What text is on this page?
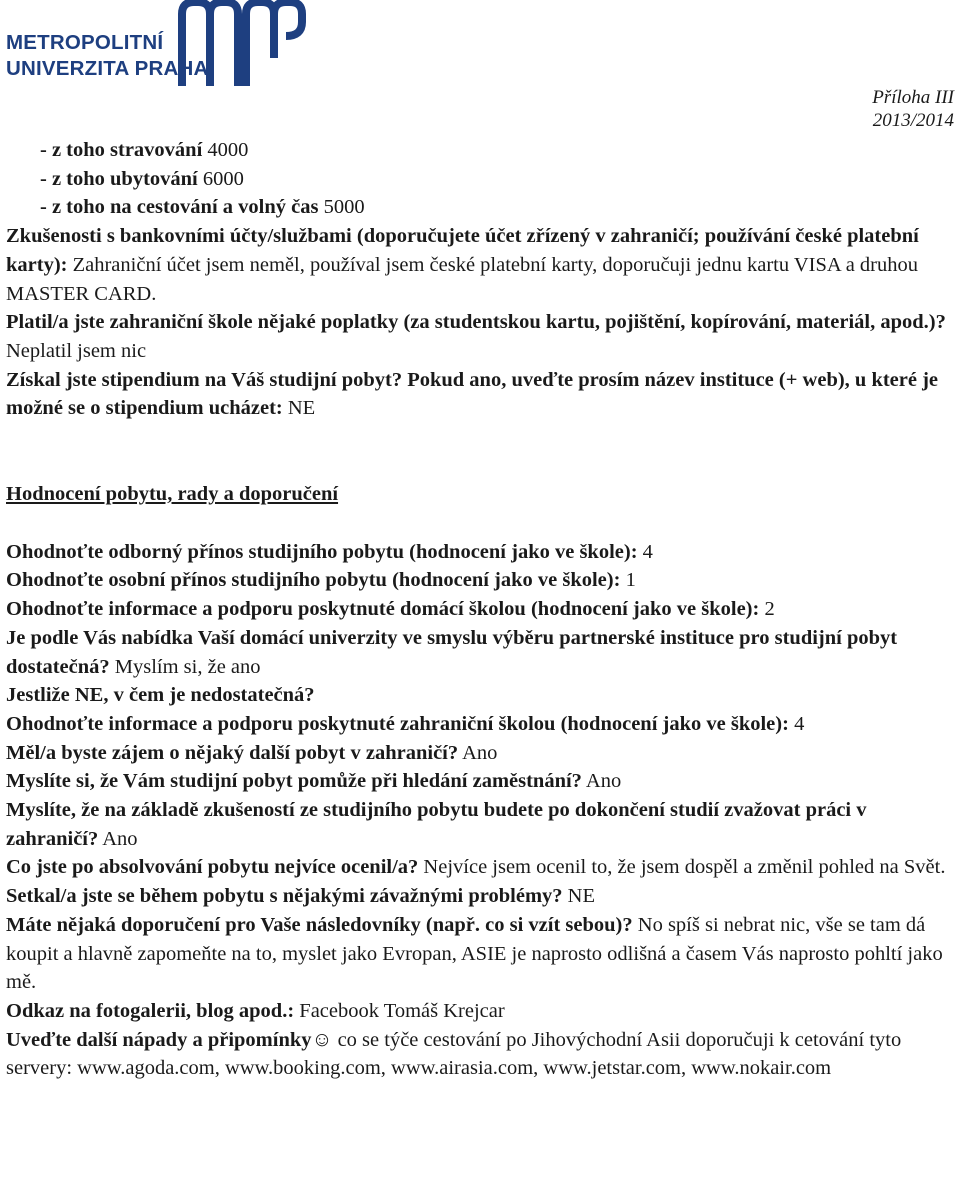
METROPOLITNÍ
UNIVERZITA PRAHA
Příloha III
2013/2014

- z toho stravování 4000

- z toho ubytování 6000

- z toho na cestování a volný čas 5000

Zkušenosti s bankovními účty/službami (doporučujete účet zřízený v zahraničí; používání české platební karty): Zahraniční účet jsem neměl, používal jsem české platební karty, doporučuji jednu kartu VISA a druhou MASTER CARD.

Platil/a jste zahraniční škole nějaké poplatky (za studentskou kartu, pojištění, kopírování, materiál, apod.)? Neplatil jsem nic

Získal jste stipendium na Váš studijní pobyt? Pokud ano, uveďte prosím název instituce (+ web), u které je možné se o stipendium ucházet: NE

Hodnocení pobytu, rady a doporučení

Ohodnoťte odborný přínos studijního pobytu (hodnocení jako ve škole): 4

Ohodnoťte osobní přínos studijního pobytu (hodnocení jako ve škole): 1

Ohodnoťte informace a podporu poskytnuté domácí školou (hodnocení jako ve škole): 2

Je podle Vás nabídka Vaší domácí univerzity ve smyslu výběru partnerské instituce pro studijní pobyt dostatečná? Myslím si, že ano

Jestliže NE, v čem je nedostatečná?

Ohodnoťte informace a podporu poskytnuté zahraniční školou (hodnocení jako ve škole): 4

Měl/a byste zájem o nějaký další pobyt v zahraničí? Ano

Myslíte si, že Vám studijní pobyt pomůže při hledání zaměstnání? Ano

Myslíte, že na základě zkušeností ze studijního pobytu budete po dokončení studií zvažovat práci v zahraničí? Ano

Co jste po absolvování pobytu nejvíce ocenil/a? Nejvíce jsem ocenil to, že jsem dospěl a změnil pohled na Svět.

Setkal/a jste se během pobytu s nějakými závažnými problémy? NE

Máte nějaká doporučení pro Vaše následovníky (např. co si vzít sebou)? No spíš si nebrat nic, vše se tam dá koupit a hlavně zapomeňte na to, myslet jako Evropan, ASIE je naprosto odlišná a časem Vás naprosto pohltí jako mě.

Odkaz na fotogalerii, blog apod.: Facebook Tomáš Krejcar

Uveďte další nápady a připomínky☺ co se týče cestování po Jihovýchodní Asii doporučuji k cetování tyto servery: www.agoda.com, www.booking.com, www.airasia.com, www.jetstar.com, www.nokair.com
